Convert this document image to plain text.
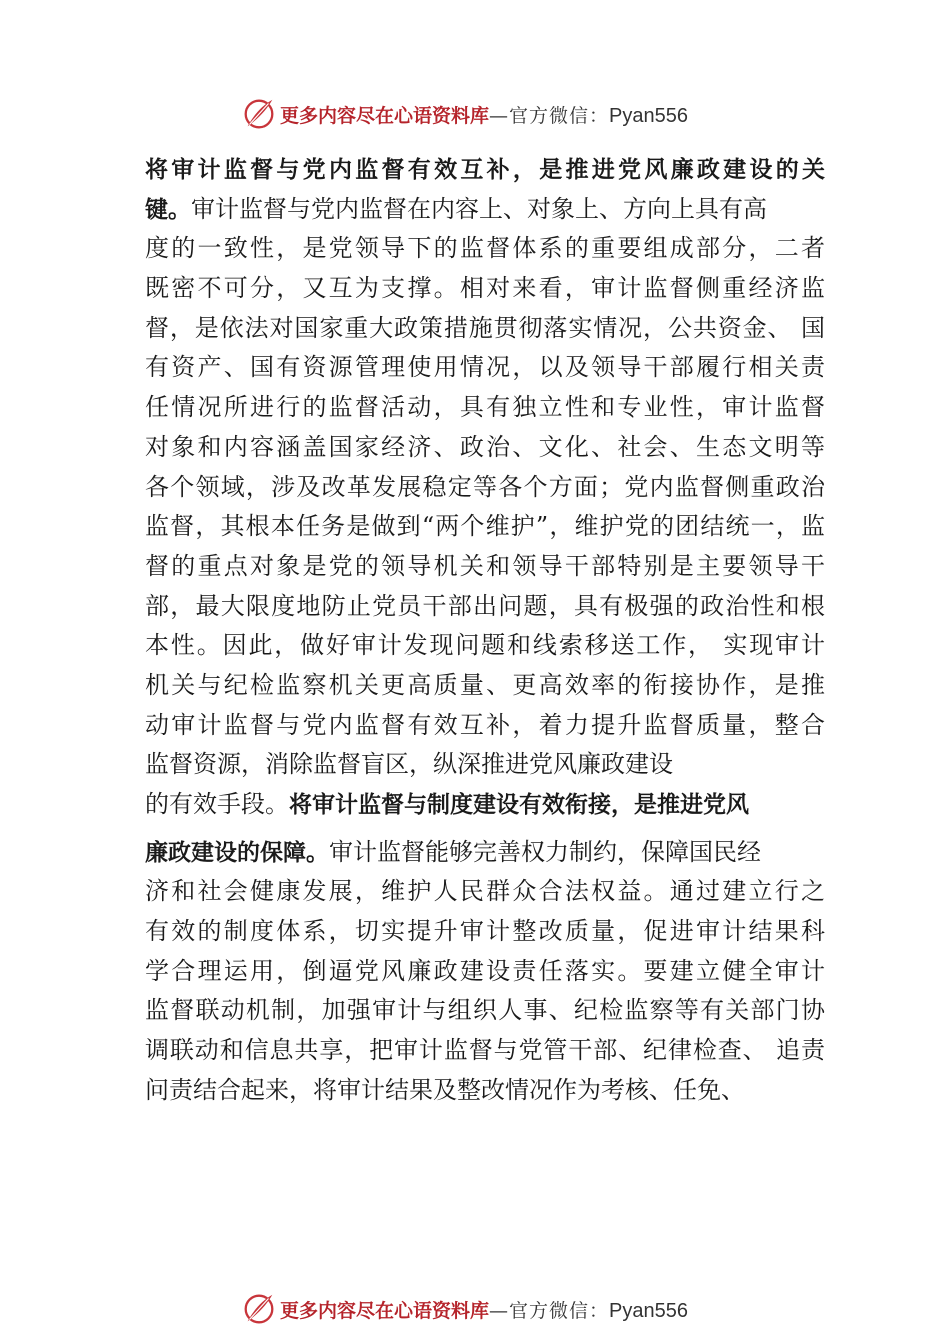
更多内容尽在心语资料库—官方微信：Pyan556
将审计监督与党内监督有效互补，是推进党风廉政建设的关
键。审计监督与党内监督在内容上、对象上、方向上具有高
度的一致性，是党领导下的监督体系的重要组成部分，二者
既密不可分，又互为支撑。相对来看，审计监督侧重经济监
督，是依法对国家重大政策措施贯彻落实情况，公共资金、 国
有资产、国有资源管理使用情况，以及领导干部履行相关责
任情况所进行的监督活动，具有独立性和专业性，审计监督
对象和内容涵盖国家经济、政治、文化、社会、生态文明等
各个领域，涉及改革发展稳定等各个方面；党内监督侧重政治
监督，其根本任务是做到“两个维护”，维护党的团结统一，监
督的重点对象是党的领导机关和领导干部特别是主要领导干
部，最大限度地防止党员干部出问题，具有极强的政治性和根
本性。因此，做好审计发现问题和线索移送工作， 实现审计
机关与纪检监察机关更高质量、更高效率的衔接协作，是推
动审计监督与党内监督有效互补，着力提升监督质量，整合
监督资源，消除监督盲区，纵深推进党风廉政建设
的有效手段。将审计监督与制度建设有效衔接，是推进党风
廉政建设的保障。审计监督能够完善权力制约，保障国民经
济和社会健康发展，维护人民群众合法权益。通过建立行之
有效的制度体系，切实提升审计整改质量，促进审计结果科
学合理运用，倒逼党风廉政建设责任落实。要建立健全审计
监督联动机制，加强审计与组织人事、纪检监察等有关部门协
调联动和信息共享，把审计监督与党管干部、纪律检查、 追责
问责结合起来，将审计结果及整改情况作为考核、任免、
更多内容尽在心语资料库—官方微信：Pyan556
